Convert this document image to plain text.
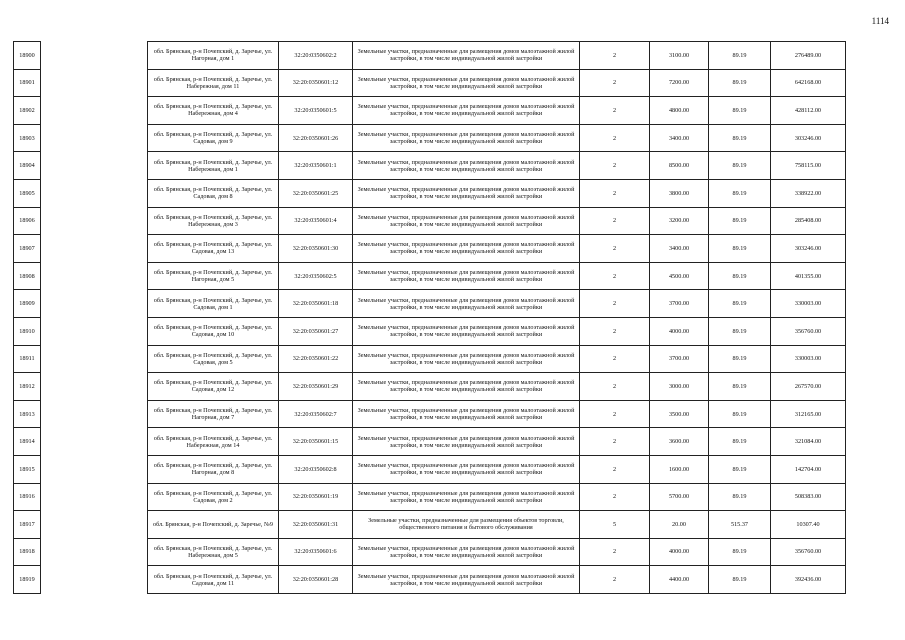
1114
18900		обл. Брянская, р-н Почепский, д. Заречье, ул. Нагорная, дом 1	32:20:0350602:2	Земельные участки, предназначенные для размещения домов малоэтажной жилой застройки, в том числе индивидуальной жилой застройки	2	3100.00	89.19	276489.00
18901		обл. Брянская, р-н Почепский, д. Заречье, ул. Набережная, дом 11	32:20:0350601:12	Земельные участки, предназначенные для размещения домов малоэтажной жилой застройки, в том числе индивидуальной жилой застройки	2	7200.00	89.19	642168.00
18902		обл. Брянская, р-н Почепский, д. Заречье, ул. Набережная, дом 4	32:20:0350601:5	Земельные участки, предназначенные для размещения домов малоэтажной жилой застройки, в том числе индивидуальной жилой застройки	2	4800.00	89.19	428112.00
18903		обл. Брянская, р-н Почепский, д. Заречье, ул. Садовая, дом 9	32:20:0350601:26	Земельные участки, предназначенные для размещения домов малоэтажной жилой застройки, в том числе индивидуальной жилой застройки	2	3400.00	89.19	303246.00
18904		обл. Брянская, р-н Почепский, д. Заречье, ул. Набережная, дом 1	32:20:0350601:1	Земельные участки, предназначенные для размещения домов малоэтажной жилой застройки, в том числе индивидуальной жилой застройки	2	8500.00	89.19	758115.00
18905		обл. Брянская, р-н Почепский, д. Заречье, ул. Садовая, дом 8	32:20:0350601:25	Земельные участки, предназначенные для размещения домов малоэтажной жилой застройки, в том числе индивидуальной жилой застройки	2	3800.00	89.19	338922.00
18906		обл. Брянская, р-н Почепский, д. Заречье, ул. Набережная, дом 3	32:20:0350601:4	Земельные участки, предназначенные для размещения домов малоэтажной жилой застройки, в том числе индивидуальной жилой застройки	2	3200.00	89.19	285408.00
18907		обл. Брянская, р-н Почепский, д. Заречье, ул. Садовая, дом 13	32:20:0350601:30	Земельные участки, предназначенные для размещения домов малоэтажной жилой застройки, в том числе индивидуальной жилой застройки	2	3400.00	89.19	303246.00
18908		обл. Брянская, р-н Почепский, д. Заречье, ул. Нагорная, дом 5	32:20:0350602:5	Земельные участки, предназначенные для размещения домов малоэтажной жилой застройки, в том числе индивидуальной жилой застройки	2	4500.00	89.19	401355.00
18909		обл. Брянская, р-н Почепский, д. Заречье, ул. Садовая, дом 1	32:20:0350601:18	Земельные участки, предназначенные для размещения домов малоэтажной жилой застройки, в том числе индивидуальной жилой застройки	2	3700.00	89.19	330003.00
18910		обл. Брянская, р-н Почепский, д. Заречье, ул. Садовая, дом 10	32:20:0350601:27	Земельные участки, предназначенные для размещения домов малоэтажной жилой застройки, в том числе индивидуальной жилой застройки	2	4000.00	89.19	356760.00
18911		обл. Брянская, р-н Почепский, д. Заречье, ул. Садовая, дом 5	32:20:0350601:22	Земельные участки, предназначенные для размещения домов малоэтажной жилой застройки, в том числе индивидуальной жилой застройки	2	3700.00	89.19	330003.00
18912		обл. Брянская, р-н Почепский, д. Заречье, ул. Садовая, дом 12	32:20:0350601:29	Земельные участки, предназначенные для размещения домов малоэтажной жилой застройки, в том числе индивидуальной жилой застройки	2	3000.00	89.19	267570.00
18913		обл. Брянская, р-н Почепский, д. Заречье, ул. Нагорная, дом 7	32:20:0350602:7	Земельные участки, предназначенные для размещения домов малоэтажной жилой застройки, в том числе индивидуальной жилой застройки	2	3500.00	89.19	312165.00
18914		обл. Брянская, р-н Почепский, д. Заречье, ул. Набережная, дом 14	32:20:0350601:15	Земельные участки, предназначенные для размещения домов малоэтажной жилой застройки, в том числе индивидуальной жилой застройки	2	3600.00	89.19	321084.00
18915		обл. Брянская, р-н Почепский, д. Заречье, ул. Нагорная, дом 8	32:20:0350602:8	Земельные участки, предназначенные для размещения домов малоэтажной жилой застройки, в том числе индивидуальной жилой застройки	2	1600.00	89.19	142704.00
18916		обл. Брянская, р-н Почепский, д. Заречье, ул. Садовая, дом 2	32:20:0350601:19	Земельные участки, предназначенные для размещения домов малоэтажной жилой застройки, в том числе индивидуальной жилой застройки	2	5700.00	89.19	508383.00
18917		обл. Брянская, р-н Почепский, д. Заречье, №9	32:20:0350601:31	Земельные участки, предназначенные для размещения объектов торговли, общественного питания и бытового обслуживания	5	20.00	515.37	10307.40
18918		обл. Брянская, р-н Почепский, д. Заречье, ул. Набережная, дом 5	32:20:0350601:6	Земельные участки, предназначенные для размещения домов малоэтажной жилой застройки, в том числе индивидуальной жилой застройки	2	4000.00	89.19	356760.00
18919		обл. Брянская, р-н Почепский, д. Заречье, ул. Садовая, дом 11	32:20:0350601:28	Земельные участки, предназначенные для размещения домов малоэтажной жилой застройки, в том числе индивидуальной жилой застройки	2	4400.00	89.19	392436.00
